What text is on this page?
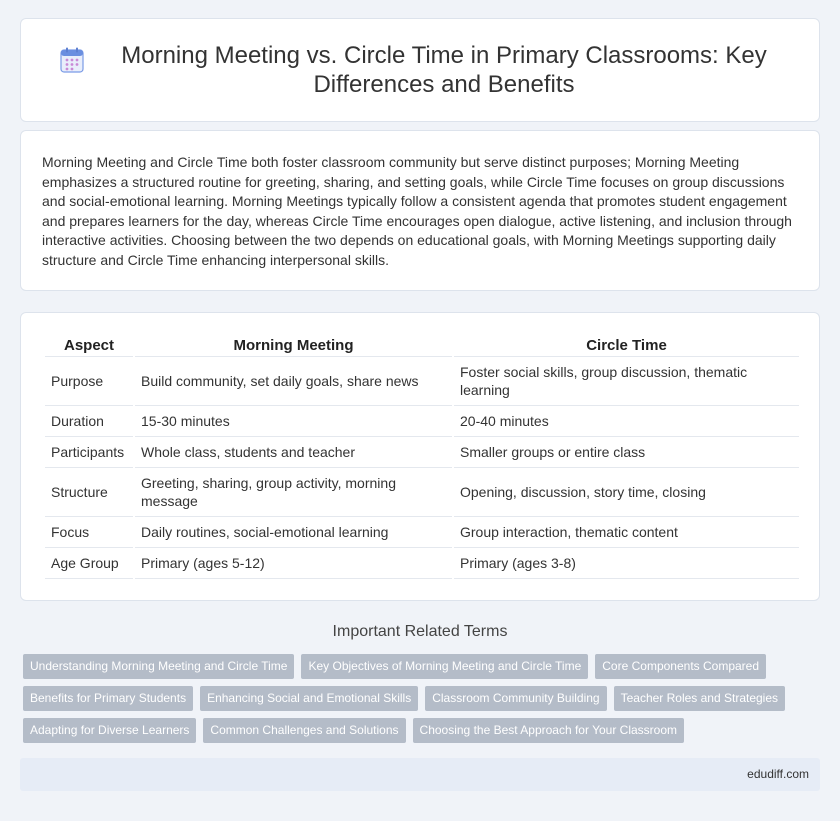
Morning Meeting vs. Circle Time in Primary Classrooms: Key Differences and Benefits

Morning Meeting and Circle Time both foster classroom community but serve distinct purposes; Morning Meeting emphasizes a structured routine for greeting, sharing, and setting goals, while Circle Time focuses on group discussions and social-emotional learning. Morning Meetings typically follow a consistent agenda that promotes student engagement and prepares learners for the day, whereas Circle Time encourages open dialogue, active listening, and inclusion through interactive activities. Choosing between the two depends on educational goals, with Morning Meetings supporting daily structure and Circle Time enhancing interpersonal skills.

Aspect	Morning Meeting	Circle Time
Purpose	Build community, set daily goals, share news	Foster social skills, group discussion, thematic learning
Duration	15-30 minutes	20-40 minutes
Participants	Whole class, students and teacher	Smaller groups or entire class
Structure	Greeting, sharing, group activity, morning message	Opening, discussion, story time, closing
Focus	Daily routines, social-emotional learning	Group interaction, thematic content
Age Group	Primary (ages 5-12)	Primary (ages 3-8)
Important Related Terms
Understanding Morning Meeting and Circle Time	Key Objectives of Morning Meeting and Circle Time	Core Components Compared
Benefits for Primary Students	Enhancing Social and Emotional Skills	Classroom Community Building	Teacher Roles and Strategies
Adapting for Diverse Learners	Common Challenges and Solutions	Choosing the Best Approach for Your Classroom
edudiff.com
